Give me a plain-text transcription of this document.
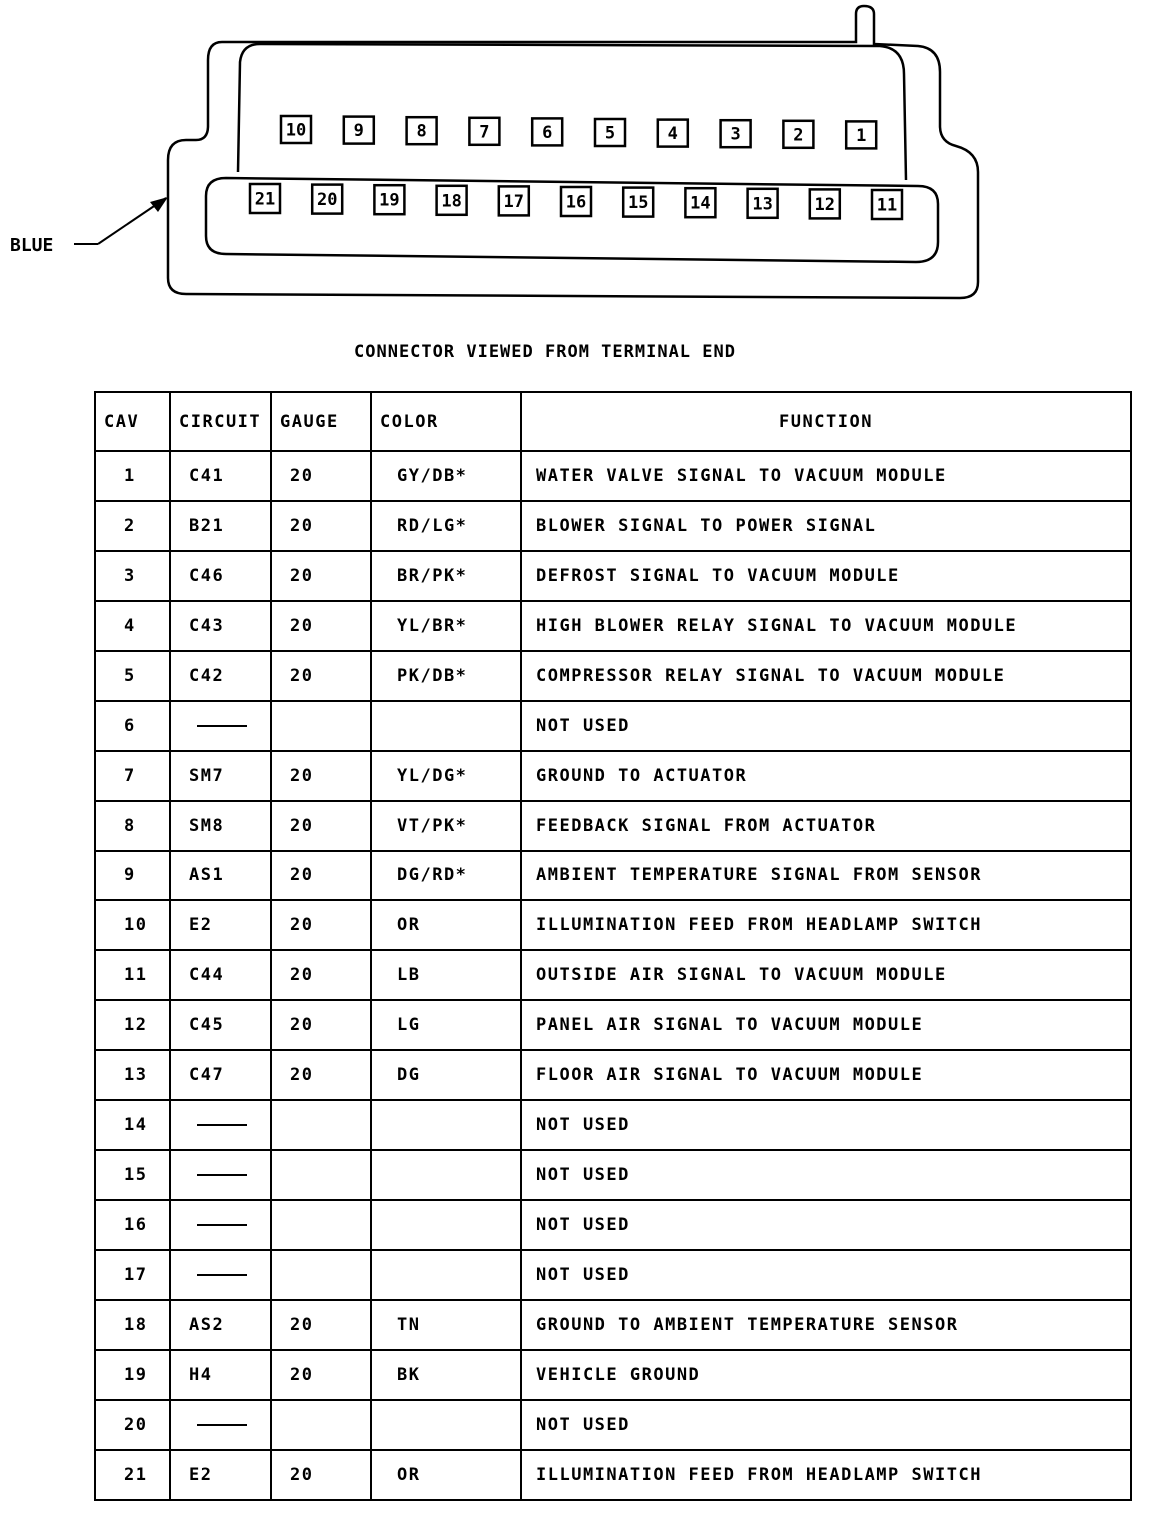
10	9	8	7	6	5	4	3	2	1
21 20 19 18 17 16 15 14 13 12 11
BLUE
CONNECTOR VIEWED FROM TERMINAL END
CAV	CIRCUIT	GAUGE	COLOR	FUNCTION
1	C41	20	GY/DB*	WATER VALVE SIGNAL TO VACUUM MODULE
2	B21	20	RD/LG*	BLOWER SIGNAL TO POWER SIGNAL
3	C46	20	BR/PK*	DEFROST SIGNAL TO VACUUM MODULE
4	C43	20	YL/BR*	HIGH BLOWER RELAY SIGNAL TO VACUUM MODULE
5	C42	20	PK/DB*	COMPRESSOR RELAY SIGNAL TO VACUUM MODULE
6				NOT USED
7	SM7	20	YL/DG*	GROUND TO ACTUATOR
8	SM8	20	VT/PK*	FEEDBACK SIGNAL FROM ACTUATOR
9	AS1	20	DG/RD*	AMBIENT TEMPERATURE SIGNAL FROM SENSOR
10	E2	20	OR	ILLUMINATION FEED FROM HEADLAMP SWITCH
11	C44	20	LB	OUTSIDE AIR SIGNAL TO VACUUM MODULE
12	C45	20	LG	PANEL AIR SIGNAL TO VACUUM MODULE
13	C47	20	DG	FLOOR AIR SIGNAL TO VACUUM MODULE
14				NOT USED
15				NOT USED
16				NOT USED
17				NOT USED
18	AS2	20	TN	GROUND TO AMBIENT TEMPERATURE SENSOR
19	H4	20	BK	VEHICLE GROUND
20				NOT USED
21	E2	20	OR	ILLUMINATION FEED FROM HEADLAMP SWITCH
